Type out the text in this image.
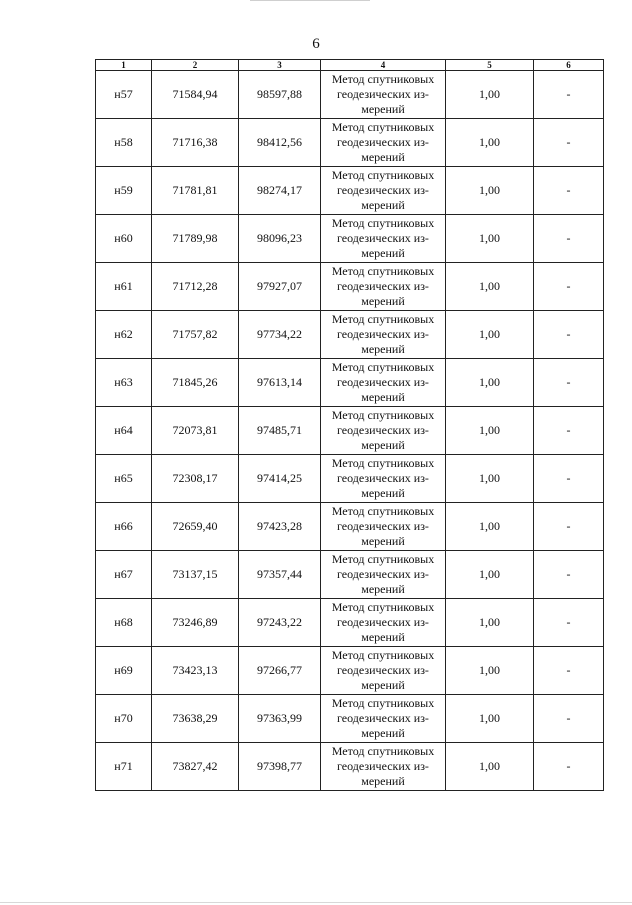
6
1	2	3	4	5	6
н57	71584,94	98597,88	Метод спутниковых
геодезических из-
мерений	1,00	-
н58	71716,38	98412,56	Метод спутниковых
геодезических из-
мерений	1,00	-
н59	71781,81	98274,17	Метод спутниковых
геодезических из-
мерений	1,00	-
н60	71789,98	98096,23	Метод спутниковых
геодезических из-
мерений	1,00	-
н61	71712,28	97927,07	Метод спутниковых
геодезических из-
мерений	1,00	-
н62	71757,82	97734,22	Метод спутниковых
геодезических из-
мерений	1,00	-
н63	71845,26	97613,14	Метод спутниковых
геодезических из-
мерений	1,00	-
н64	72073,81	97485,71	Метод спутниковых
геодезических из-
мерений	1,00	-
н65	72308,17	97414,25	Метод спутниковых
геодезических из-
мерений	1,00	-
н66	72659,40	97423,28	Метод спутниковых
геодезических из-
мерений	1,00	-
н67	73137,15	97357,44	Метод спутниковых
геодезических из-
мерений	1,00	-
н68	73246,89	97243,22	Метод спутниковых
геодезических из-
мерений	1,00	-
н69	73423,13	97266,77	Метод спутниковых
геодезических из-
мерений	1,00	-
н70	73638,29	97363,99	Метод спутниковых
геодезических из-
мерений	1,00	-
н71	73827,42	97398,77	Метод спутниковых
геодезических из-
мерений	1,00	-
